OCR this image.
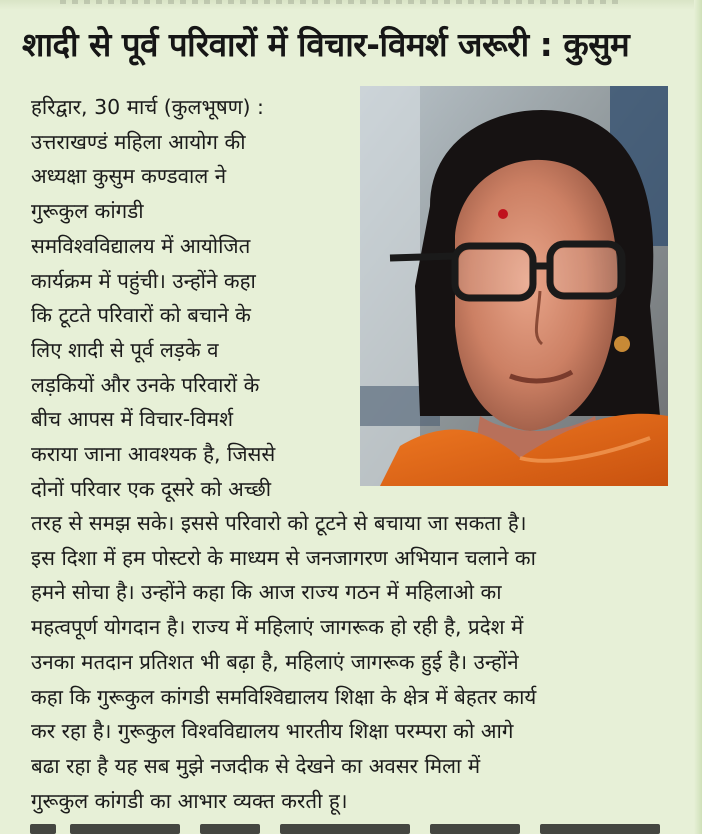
शादी से पूर्व परिवारों में विचार-विमर्श जरूरी : कुसुम
हरिद्वार, 30 मार्च (कुलभूषण) :
उत्तराखण्डं महिला आयोग की
अध्यक्षा कुसुम कण्डवाल ने
गुरूकुल कांगडी
समविश्वविद्यालय में आयोजित
कार्यक्रम में पहुंची। उन्होंने कहा
कि टूटते परिवारों को बचाने के
लिए शादी से पूर्व लड़के व
लड़कियों और उनके परिवारों के
बीच आपस में विचार-विमर्श
कराया जाना आवश्यक है, जिससे
दोनों परिवार एक दूसरे को अच्छी
तरह से समझ सके। इससे परिवारो को टूटने से बचाया जा सकता है।
इस दिशा में हम पोस्टरो के माध्यम से जनजागरण अभियान चलाने का
हमने सोचा है। उन्होंने कहा कि आज राज्य गठन में महिलाओ का
महत्वपूर्ण योगदान है। राज्य में महिलाएं जागरूक हो रही है, प्रदेश में
उनका मतदान प्रतिशत भी बढ़ा है, महिलाएं जागरूक हुई है। उन्होंने
कहा कि गुरूकुल कांगडी समविश्विद्यालय शिक्षा के क्षेत्र में बेहतर कार्य
कर रहा है। गुरूकुल विश्वविद्यालय भारतीय शिक्षा परम्परा को आगे
बढा रहा है यह सब मुझे नजदीक से देखने का अवसर मिला में
गुरूकुल कांगडी का आभार व्यक्त करती हू।
